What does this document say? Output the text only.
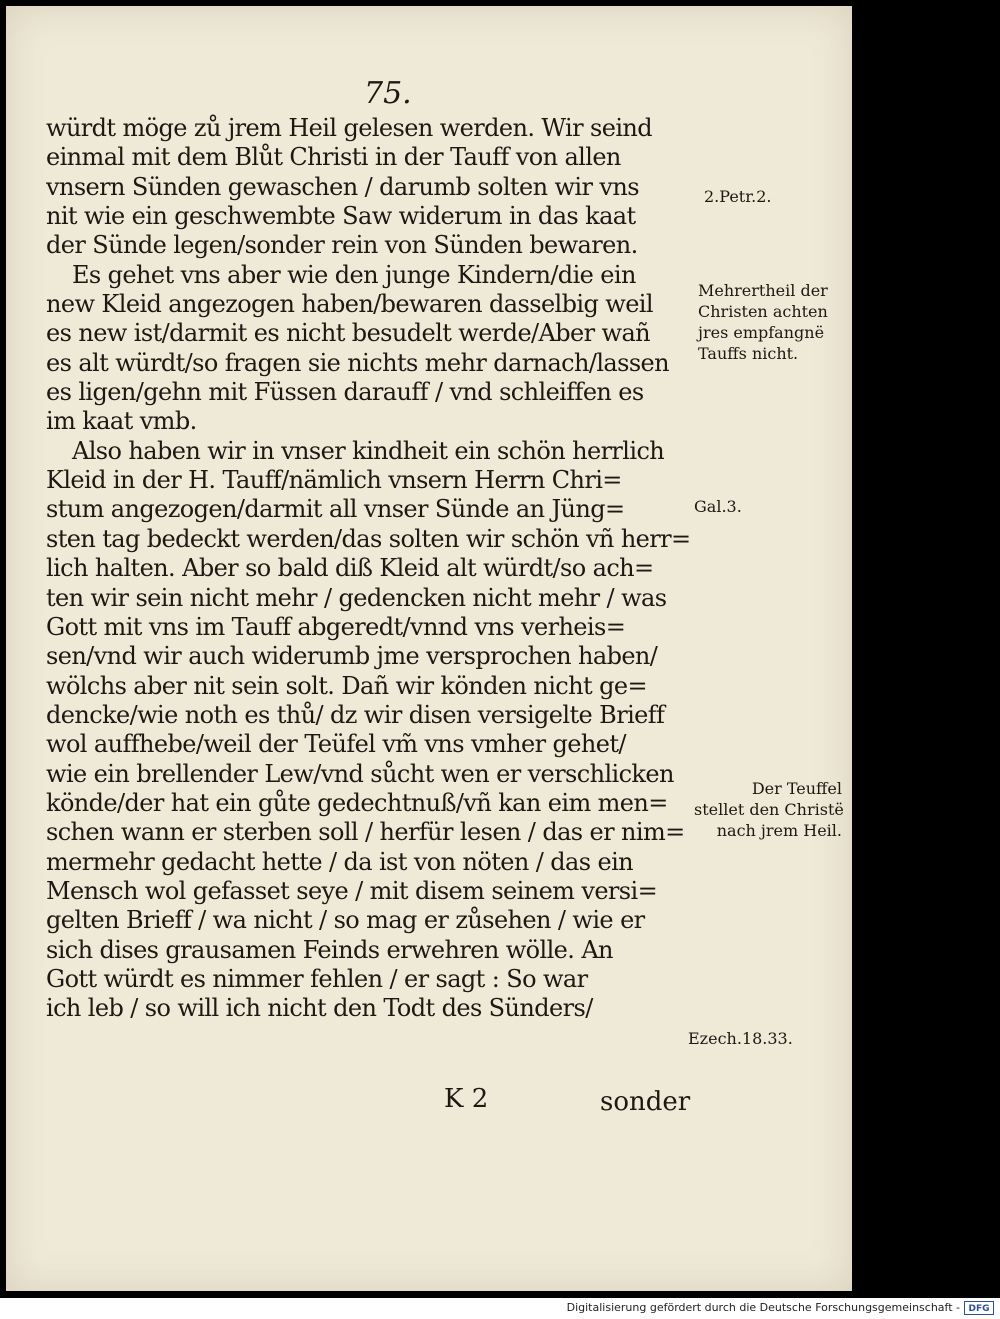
75.
würdt möge zů jrem Heil gelesen werden. Wir seind
einmal mit dem Blůt Christi in der Tauff von allen
vnsern Sünden gewaschen / darumb solten wir vns
nit wie ein geschwembte Saw widerum in das kaat
der Sünde legen/sonder rein von Sünden bewaren.
Es gehet vns aber wie den junge Kindern/die ein
new Kleid angezogen haben/bewaren dasselbig weil
es new ist/darmit es nicht besudelt werde/Aber wañ
es alt würdt/so fragen sie nichts mehr darnach/lassen
es ligen/gehn mit Füssen darauff / vnd schleiffen es
im kaat vmb.
Also haben wir in vnser kindheit ein schön herrlich
Kleid in der H. Tauff/nämlich vnsern Herrn Chri=
stum angezogen/darmit all vnser Sünde an Jüng=
sten tag bedeckt werden/das solten wir schön vñ herr=
lich halten. Aber so bald diß Kleid alt würdt/so ach=
ten wir sein nicht mehr / gedencken nicht mehr / was
Gott mit vns im Tauff abgeredt/vnnd vns verheis=
sen/vnd wir auch widerumb jme versprochen haben/
wölchs aber nit sein solt. Dañ wir könden nicht ge=
dencke/wie noth es thů/ dz wir disen versigelte Brieff
wol auffhebe/weil der Teüfel vm̃ vns vmher gehet/
wie ein brellender Lew/vnd sůcht wen er verschlicken
könde/der hat ein gůte gedechtnuß/vñ kan eim men=
schen wann er sterben soll / herfür lesen / das er nim=
mermehr gedacht hette / da ist von nöten / das ein
Mensch wol gefasset seye / mit disem seinem versi=
gelten Brieff / wa nicht / so mag er zůsehen / wie er
sich dises grausamen Feinds erwehren wölle. An
Gott würdt es nimmer fehlen / er sagt : So war
ich leb / so will ich nicht den Todt des Sünders/
2.Petr.2.
Mehrertheil der
Christen achten
jres empfangnë
Tauffs nicht.
Gal.3.
Der Teuffel
stellet den Christë
nach jrem Heil.
Ezech.18.33.
K 2	sonder
Digitalisierung gefördert durch die Deutsche Forschungsgemeinschaft - DFG
